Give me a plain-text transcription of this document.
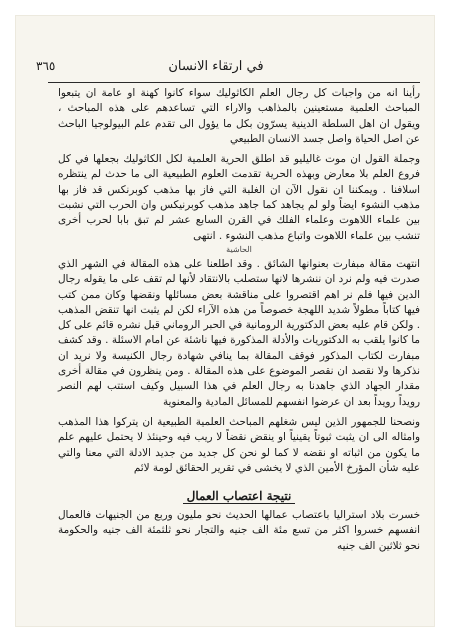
في ارتقاء الانسان
٣٦٥

رأينا انه من واجبات كل رجال العلم الكاثوليك سواء كانوا كهنة او عامة ان يتبعوا المباحث العلمية مستعينين بالمذاهب والاراء التي تساعدهم على هذه المباحث ، ويقول ان اهل السلطة الدينية يسرّون بكل ما يؤول الى تقدم علم البيولوجيا الباحث عن اصل الحياة واصل جسد الانسان الطبيعي

وجملة القول ان موت غاليليو قد اطلق الحرية العلمية لكل الكاثوليك بجعلها في كل فروع العلم بلا معارض وبهذه الحرية تقدمت العلوم الطبيعية الى ما حدث لم ينتظره اسلافنا . ويمكننا ان نقول الآن ان الغلبة التي فاز بها مذهب كوبرنكس قد فاز بها مذهب النشوء ايضاً ولو لم يجاهد كما جاهد مذهب كوبرنيكس وان الحرب التي نشبت بين علماء اللاهوت وعلماء الفلك في القرن السابع عشر لم تبق بابا لحرب أخرى تنشب بين علماء اللاهوت واتباع مذهب النشوء . انتهى

الحاشية

انتهت مقالة مبفارت بعنوانها الشائق . وقد اطلعنا على هذه المقالة في الشهر الذي صدرت فيه ولم نرد ان ننشرها لانها ستصلب بالانتقاد لأنها لم تقف على ما يقوله رجال الدين فيها فلم نر اهم اقتصروا على مناقشة بعض مسائلها ونقضها وكان ممن كتب فيها كتاباً مطولاً شديد اللهجة خصوصاً من هذه الآراء لكن لم يثبت انها تنقض المذهب . ولكن قام عليه بعض الدكتورية الرومانية في الحبر الروماني قبل نشره قائم على كل ما كانوا يلقب به الدكتوريات والأدلة المذكورة فيها ناشئة عن امام الاسئلة . وقد كشف مبفارت لكتاب المذكور فوقف المقالة بما ينافي شهادة رجال الكنيسة ولا نريد ان نذكرها ولا نقصد ان نقصر الموضوع على هذه المقالة . ومن ينظرون في مقالة أخرى مقدار الجهاد الذي جاهدنا به رجال العلم في هذا السبيل وكيف استتب لهم النصر رويداً رويداً بعد ان عرضوا انفسهم للمسائل المادية والمعنوية

ونصحنا للجمهور الذين ليس شغلهم المباحث العلمية الطبيعية ان يتركوا هذا المذهب وامثاله الى ان يثبت ثبوتاً يقينياً او ينقض نقضاً لا ريب فيه وحينئذ لا يحتمل عليهم علم ما يكون من اثباته او نقضه لا كما لو نحن كل جديد من جديد الادلة التي معنا والتي عليه شأن المؤرخ الأمين الذي لا يخشى في تقرير الحقائق لومة لائم

نتيجة اعتصاب العمال

خسرت بلاد استراليا باعتصاب عمالها الحديث نحو مليون وربع من الجنيهات فالعمال انفسهم خسروا اكثر من تسع مئة الف جنيه والتجار نحو ثلثمئة الف جنيه والحكومة نحو ثلاثين الف جنيه
